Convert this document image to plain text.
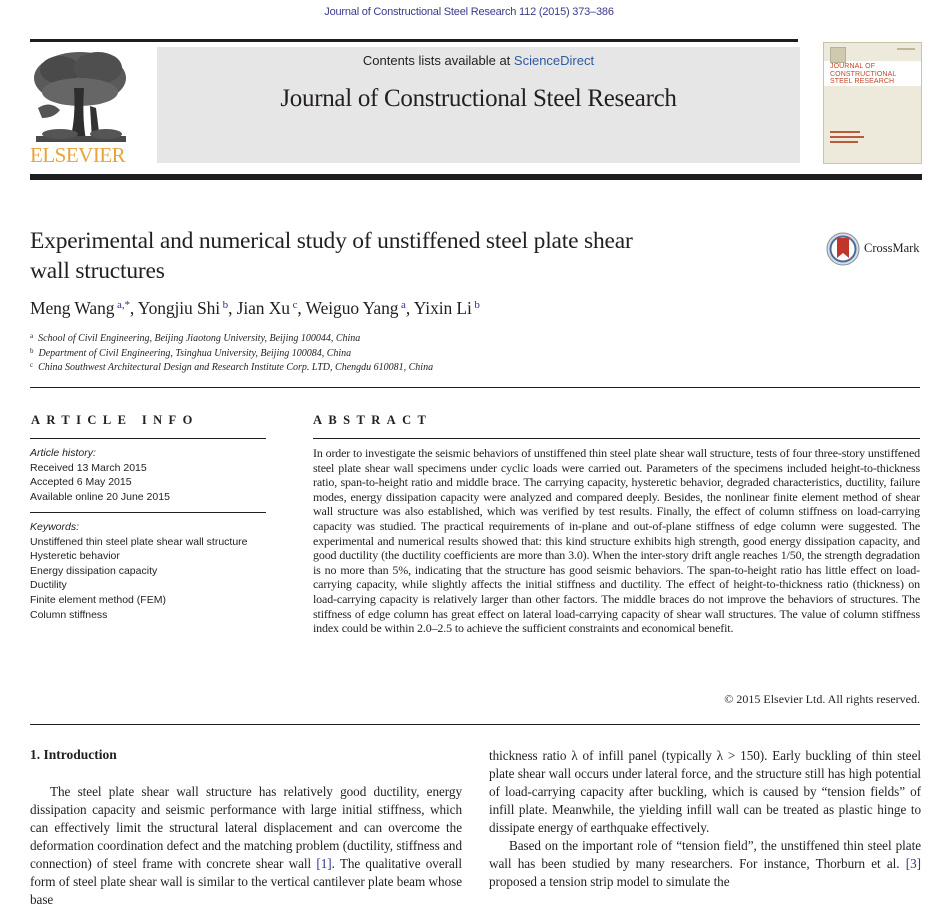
Journal of Constructional Steel Research 112 (2015) 373–386
ELSEVIER
Contents lists available at ScienceDirect
Journal of Constructional Steel Research
JOURNAL OF
CONSTRUCTIONAL
STEEL RESEARCH
Experimental and numerical study of unstiffened steel plate shear
wall structures
CrossMark
Meng Wang $^{a,*}$, Yongjiu Shi $^b$, Jian Xu $^c$, Weiguo Yang $^a$, Yixin Li $^b$
$^a$ School of Civil Engineering, Beijing Jiaotong University, Beijing 100044, China
$^b$ Department of Civil Engineering, Tsinghua University, Beijing 100084, China
$^c$ China Southwest Architectural Design and Research Institute Corp. LTD, Chengdu 610081, China
ARTICLE INFO	ABSTRACT
Article history:
Received 13 March 2015
Accepted 6 May 2015
Available online 20 June 2015
Keywords:
Unstiffened thin steel plate shear wall structure
Hysteretic behavior
Energy dissipation capacity
Ductility
Finite element method (FEM)
Column stiffness
In order to investigate the seismic behaviors of unstiffened thin steel plate shear wall structure, tests of four three-story unstiffened steel plate shear wall specimens under cyclic loads were carried out. Parameters of the specimens included height-to-thickness ratio, span-to-height ratio and middle brace. The carrying capacity, hysteretic behavior, degraded characteristics, ductility, failure modes, energy dissipation capacity were analyzed and compared deeply. Besides, the nonlinear finite element method of shear wall structure was also established, which was verified by test results. Finally, the effect of column stiffness on load-carrying capacity was studied. The practical requirements of in-plane and out-of-plane stiffness of edge column were suggested. The experimental and numerical results showed that: this kind structure exhibits high strength, good energy dissipation capacity, and good ductility (the ductility coefficients are more than 3.0). When the inter-story drift angle reaches 1/50, the strength degradation is no more than 5%, indicating that the structure has good seismic behaviors. The span-to-height ratio has little effect on load-carrying capacity, while slightly affects the initial stiffness and ductility. The effect of height-to-thickness ratio (thickness) on load-carrying capacity is relatively larger than other factors. The middle braces do not improve the behaviors of structures. The stiffness of edge column has great effect on lateral load-carrying capacity of shear wall structures. The value of column stiffness index could be within 2.0–2.5 to achieve the sufficient constraints and economical benefit.
© 2015 Elsevier Ltd. All rights reserved.
1. Introduction
The steel plate shear wall structure has relatively good ductility, energy dissipation capacity and seismic performance with large initial stiffness, which can effectively limit the structural lateral displacement and can overcome the deformation coordination defect and the matching problem (ductility, stiffness and connection) of steel frame with concrete shear wall [1]. The qualitative overall form of steel plate shear wall is similar to the vertical cantilever plate beam whose base
thickness ratio λ of infill panel (typically λ > 150). Early buckling of thin steel plate shear wall occurs under lateral force, and the structure still has high potential of load-carrying capacity after buckling, which is caused by “tension fields” of infill plate. Meanwhile, the yielding infill wall can be treated as plastic hinge to dissipate energy of earthquake effectively.
Based on the important role of “tension field”, the unstiffened thin steel plate wall has been studied by many researchers. For instance, Thorburn et al. [3] proposed a tension strip model to simulate the
